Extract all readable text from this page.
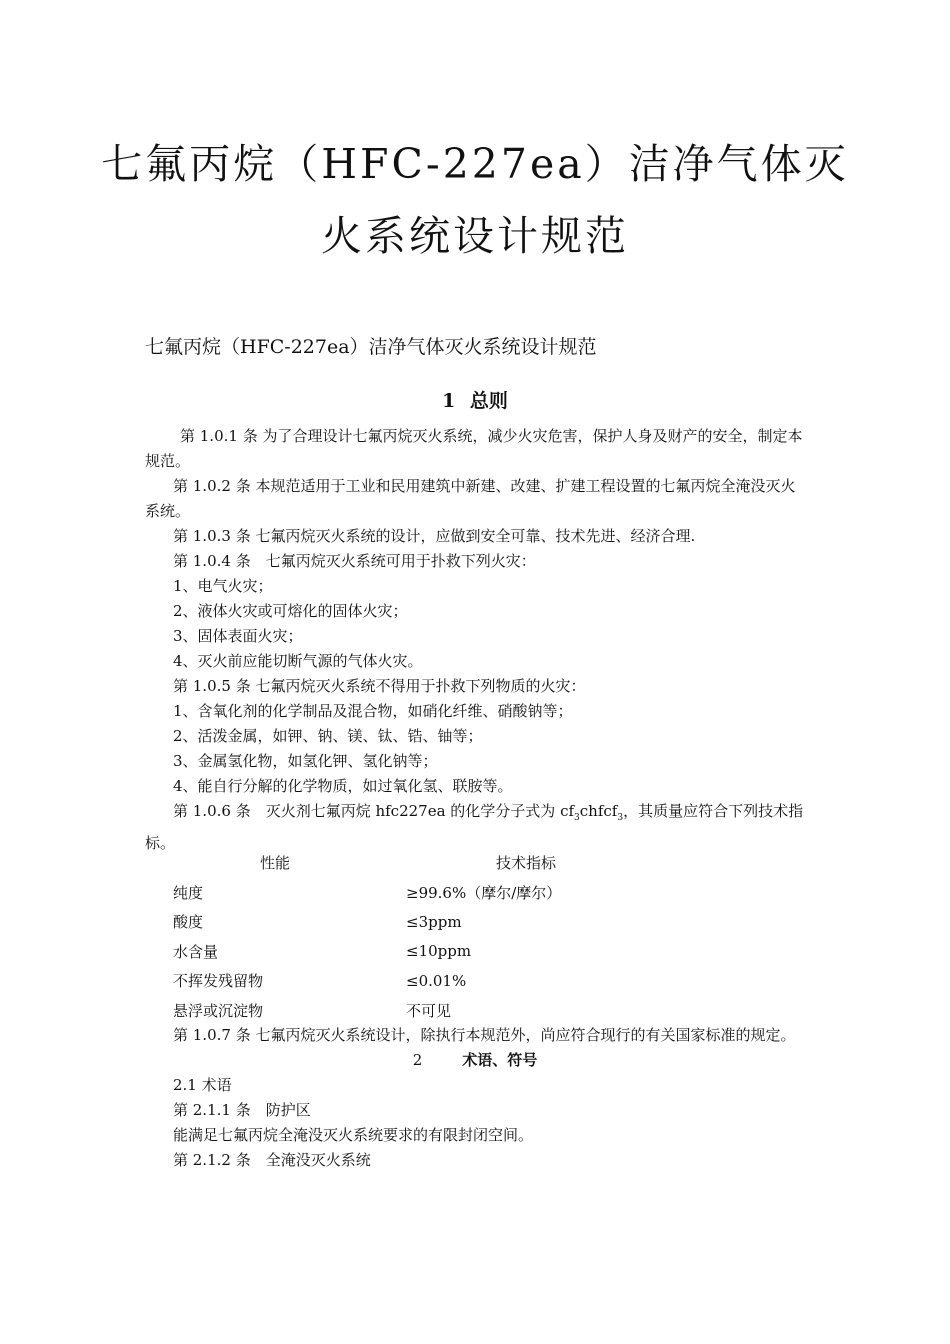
七氟丙烷（HFC-227ea）洁净气体灭
火系统设计规范
七氟丙烷（HFC-227ea）洁净气体灭火系统设计规范
1 总则

第 1.0.1 条 为了合理设计七氟丙烷灭火系统，减少火灾危害，保护人身及财产的安全，制定本规范。

第 1.0.2 条 本规范适用于工业和民用建筑中新建、改建、扩建工程设置的七氟丙烷全淹没灭火系统。

第 1.0.3 条 七氟丙烷灭火系统的设计，应做到安全可靠、技术先进、经济合理.

第 1.0.4 条　七氟丙烷灭火系统可用于扑救下列火灾：

1、电气火灾；

2、液体火灾或可熔化的固体火灾；

3、固体表面火灾；

4、灭火前应能切断气源的气体火灾。

第 1.0.5 条 七氟丙烷灭火系统不得用于扑救下列物质的火灾：

1、含氧化剂的化学制品及混合物，如硝化纤维、硝酸钠等；

2、活泼金属，如钾、钠、镁、钛、锆、铀等；

3、金属氢化物，如氢化钾、氢化钠等；

4、能自行分解的化学物质，如过氧化氢、联胺等。

第 1.0.6 条　灭火剂七氟丙烷 hfc227ea 的化学分子式为 $cf_3chfcf_3$，其质量应符合下列技术指标。

性能	技术指标
纯度	≥99.6%（摩尔/摩尔）
酸度	≤3ppm
水含量	≤10ppm
不挥发残留物	≤0.01%
悬浮或沉淀物	不可见

第 1.0.7 条 七氟丙烷灭火系统设计，除执行本规范外，尚应符合现行的有关国家标准的规定。

2	术语、符号

2.1 术语

第 2.1.1 条　防护区

能满足七氟丙烷全淹没灭火系统要求的有限封闭空间。

第 2.1.2 条　全淹没灭火系统
